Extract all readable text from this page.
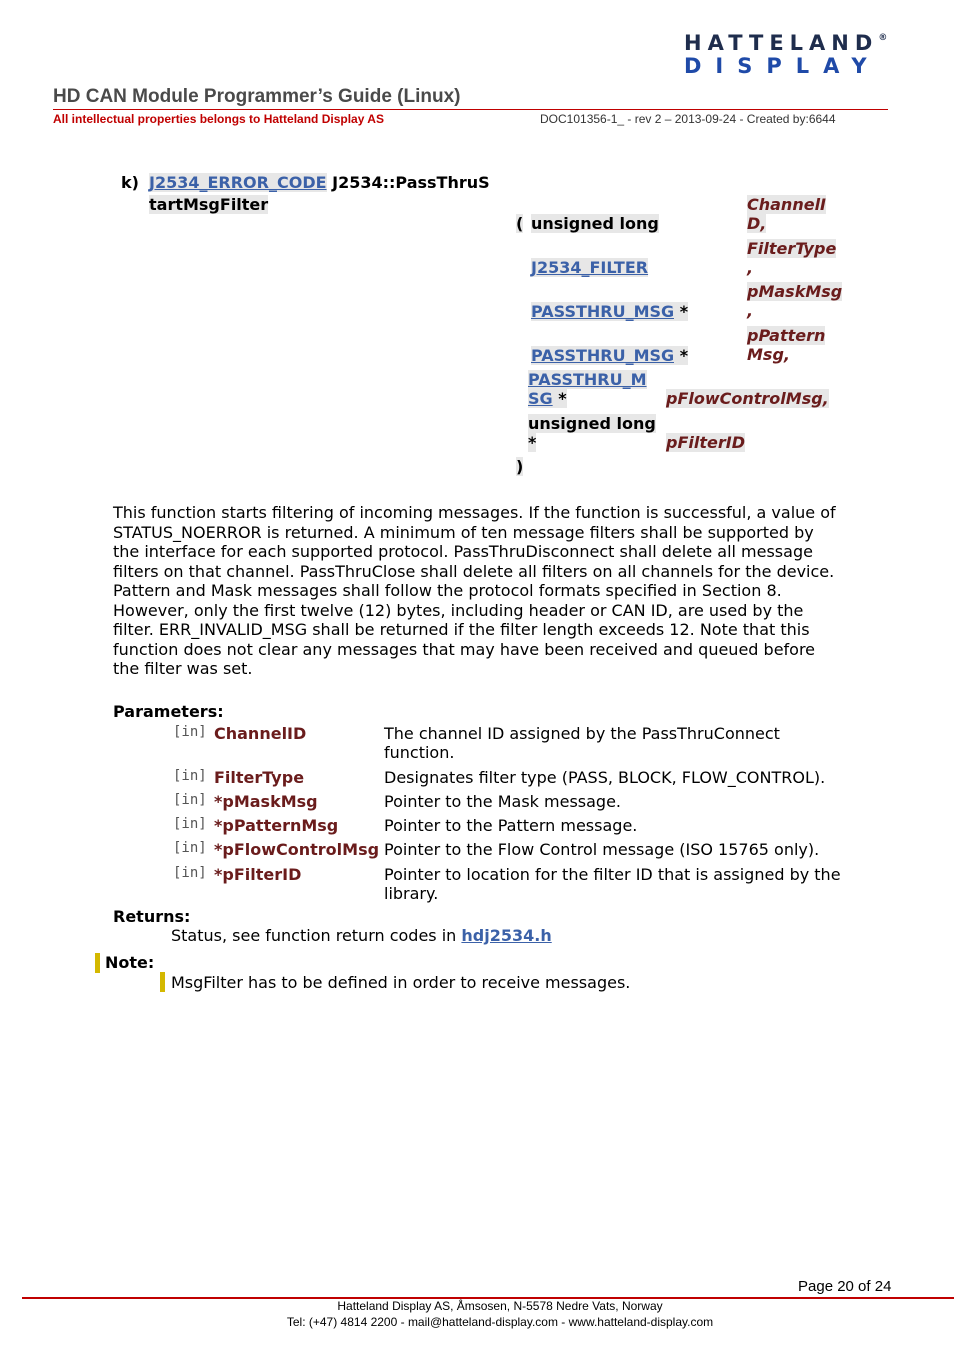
HATTELAND®
DISPLAY
HD CAN Module Programmer’s Guide (Linux)
All intellectual properties belongs to Hatteland Display AS	DOC101356-1_ - rev 2 – 2013-09-24 - Created by:6644
k) J2534_ERROR_CODE J2534::PassThruS
tartMsgFilter
( unsigned long
ChannelI
D,
J2534_FILTER
FilterType
,
PASSTHRU_MSG *
pMaskMsg
,
PASSTHRU_MSG *
pPattern
Msg,
PASSTHRU_M
SG *	pFlowControlMsg,
unsigned long
*	pFilterID
)
This function starts filtering of incoming messages. If the function is successful, a value of STATUS_NOERROR is returned. A minimum of ten message filters shall be supported by the interface for each supported protocol. PassThruDisconnect shall delete all message filters on that channel. PassThruClose shall delete all filters on all channels for the device. Pattern and Mask messages shall follow the protocol formats specified in Section 8. However, only the first twelve (12) bytes, including header or CAN ID, are used by the filter. ERR_INVALID_MSG shall be returned if the filter length exceeds 12. Note that this function does not clear any messages that may have been received and queued before the filter was set.
Parameters:
[in] ChannelID	The channel ID assigned by the PassThruConnect function.
[in] FilterType	Designates filter type (PASS, BLOCK, FLOW_CONTROL).
[in] *pMaskMsg	Pointer to the Mask message.
[in] *pPatternMsg	Pointer to the Pattern message.
[in] *pFlowControlMsg Pointer to the Flow Control message (ISO 15765 only).
[in] *pFilterID	Pointer to location for the filter ID that is assigned by the library.
Returns:
Status, see function return codes in hdj2534.h
Note:
MsgFilter has to be defined in order to receive messages.
Page 20 of 24
Hatteland Display AS, Åmsosen, N-5578 Nedre Vats, Norway
Tel: (+47) 4814 2200 - mail@hatteland-display.com - www.hatteland-display.com
